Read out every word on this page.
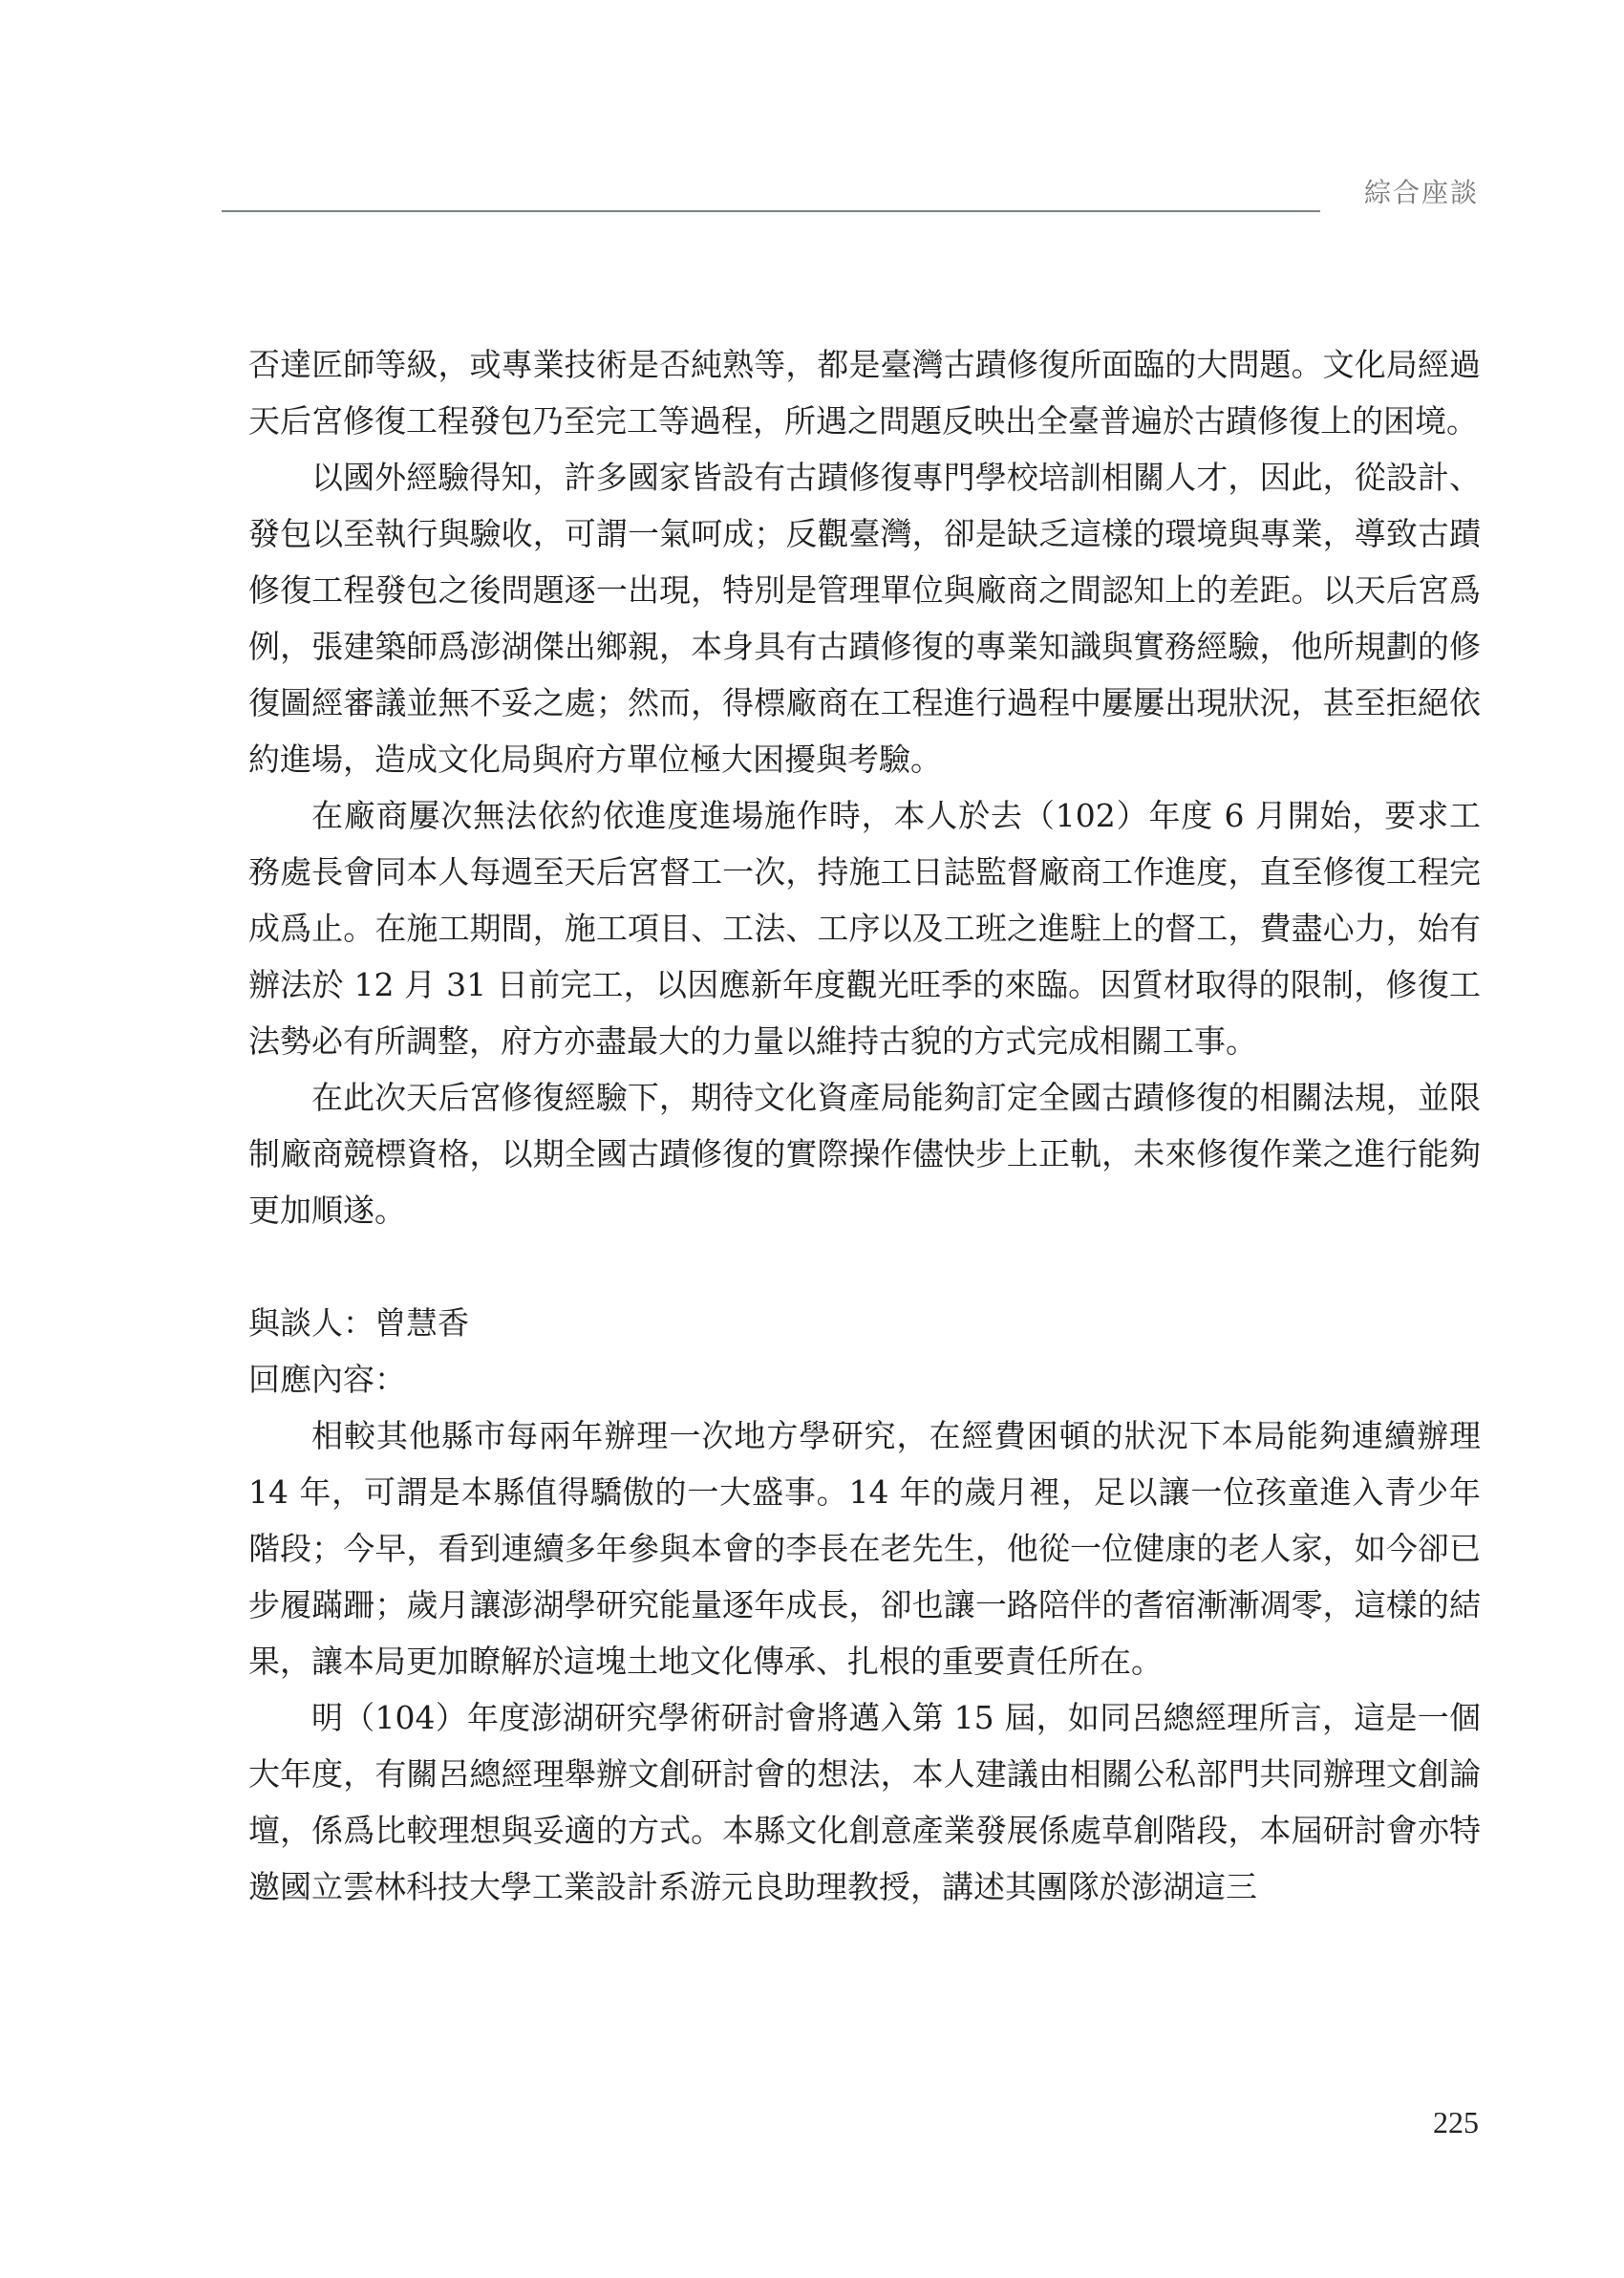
綜合座談

否達匠師等級，或專業技術是否純熟等，都是臺灣古蹟修復所面臨的大問題。文化局經過天后宮修復工程發包乃至完工等過程，所遇之問題反映出全臺普遍於古蹟修復上的困境。

以國外經驗得知，許多國家皆設有古蹟修復專門學校培訓相關人才，因此，從設計、發包以至執行與驗收，可謂一氣呵成；反觀臺灣，卻是缺乏這樣的環境與專業，導致古蹟修復工程發包之後問題逐一出現，特別是管理單位與廠商之間認知上的差距。以天后宮爲例，張建築師爲澎湖傑出鄉親，本身具有古蹟修復的專業知識與實務經驗，他所規劃的修復圖經審議並無不妥之處；然而，得標廠商在工程進行過程中屢屢出現狀況，甚至拒絕依約進場，造成文化局與府方單位極大困擾與考驗。

在廠商屢次無法依約依進度進場施作時，本人於去（102）年度 6 月開始，要求工務處長會同本人每週至天后宮督工一次，持施工日誌監督廠商工作進度，直至修復工程完成爲止。在施工期間，施工項目、工法、工序以及工班之進駐上的督工，費盡心力，始有辦法於 12 月 31 日前完工，以因應新年度觀光旺季的來臨。因質材取得的限制，修復工法勢必有所調整，府方亦盡最大的力量以維持古貌的方式完成相關工事。

在此次天后宮修復經驗下，期待文化資產局能夠訂定全國古蹟修復的相關法規，並限制廠商競標資格，以期全國古蹟修復的實際操作儘快步上正軌，未來修復作業之進行能夠更加順遂。

與談人：曾慧香

回應內容：

相較其他縣市每兩年辦理一次地方學研究，在經費困頓的狀況下本局能夠連續辦理 14 年，可謂是本縣值得驕傲的一大盛事。14 年的歲月裡，足以讓一位孩童進入青少年階段；今早，看到連續多年參與本會的李長在老先生，他從一位健康的老人家，如今卻已步履蹣跚；歲月讓澎湖學研究能量逐年成長，卻也讓一路陪伴的耆宿漸漸凋零，這樣的結果，讓本局更加瞭解於這塊土地文化傳承、扎根的重要責任所在。

明（104）年度澎湖研究學術研討會將邁入第 15 屆，如同呂總經理所言，這是一個大年度，有關呂總經理舉辦文創研討會的想法，本人建議由相關公私部門共同辦理文創論壇，係爲比較理想與妥適的方式。本縣文化創意產業發展係處草創階段，本屆研討會亦特邀國立雲林科技大學工業設計系游元良助理教授，講述其團隊於澎湖這三

225
